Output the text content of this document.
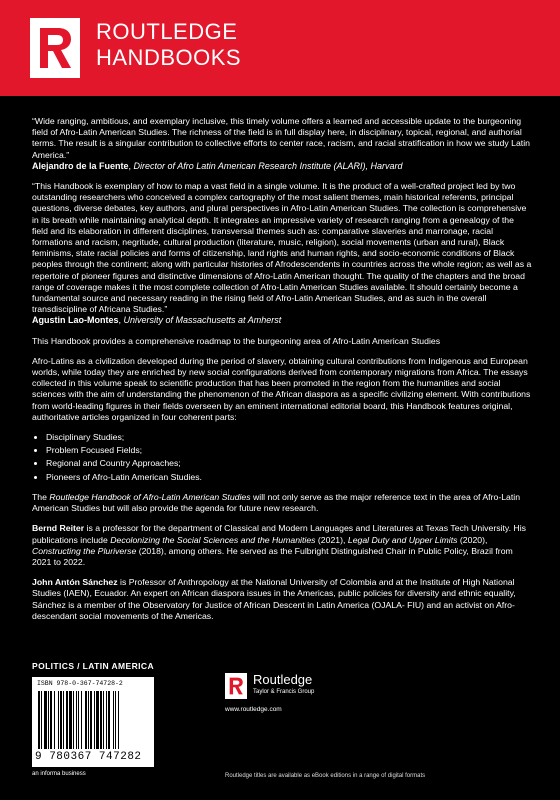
ROUTLEDGE
HANDBOOKS

“Wide ranging, ambitious, and exemplary inclusive, this timely volume offers a learned and accessible update to the burgeoning field of Afro-Latin American Studies. The richness of the field is in full display here, in disciplinary, topical, regional, and authorial terms. The result is a singular contribution to collective efforts to center race, racism, and racial stratification in how we study Latin America.”
Alejandro de la Fuente, Director of Afro Latin American Research Institute (ALARI), Harvard

“This Handbook is exemplary of how to map a vast field in a single volume. It is the product of a well-crafted project led by two outstanding researchers who conceived a complex cartography of the most salient themes, main historical referents, principal questions, diverse debates, key authors, and plural perspectives in Afro-Latin American Studies. The collection is comprehensive in its breath while maintaining analytical depth. It integrates an impressive variety of research ranging from a genealogy of the field and its elaboration in different disciplines, transversal themes such as: comparative slaveries and marronage, racial formations and racism, negritude, cultural production (literature, music, religion), social movements (urban and rural), Black feminisms, state racial policies and forms of citizenship, land rights and human rights, and socio-economic conditions of Black peoples through the continent; along with particular histories of Afrodescendents in countries across the whole region; as well as a repertoire of pioneer figures and distinctive dimensions of Afro-Latin American thought. The quality of the chapters and the broad range of coverage makes it the most complete collection of Afro-Latin American Studies available. It should certainly become a fundamental source and necessary reading in the rising field of Afro-Latin American Studies, and as such in the overall transdiscipline of Africana Studies.”
Agustin Lao-Montes, University of Massachusetts at Amherst

This Handbook provides a comprehensive roadmap to the burgeoning area of Afro-Latin American Studies

Afro-Latins as a civilization developed during the period of slavery, obtaining cultural contributions from Indigenous and European worlds, while today they are enriched by new social configurations derived from contemporary migrations from Africa. The essays collected in this volume speak to scientific production that has been promoted in the region from the humanities and social sciences with the aim of understanding the phenomenon of the African diaspora as a specific civilizing element. With contributions from world-leading figures in their fields overseen by an eminent international editorial board, this Handbook features original, authoritative articles organized in four coherent parts:

• Disciplinary Studies;
• Problem Focused Fields;
• Regional and Country Approaches;
• Pioneers of Afro-Latin American Studies.

The Routledge Handbook of Afro-Latin American Studies will not only serve as the major reference text in the area of Afro-Latin American Studies but will also provide the agenda for future new research.

Bernd Reiter is a professor for the department of Classical and Modern Languages and Literatures at Texas Tech University. His publications include Decolonizing the Social Sciences and the Humanities (2021), Legal Duty and Upper Limits (2020), Constructing the Pluriverse (2018), among others. He served as the Fulbright Distinguished Chair in Public Policy, Brazil from 2021 to 2022.

John Antón Sánchez is Professor of Anthropology at the National University of Colombia and at the Institute of High National Studies (IAEN), Ecuador. An expert on African diaspora issues in the Americas, public policies for diversity and ethnic equality, Sánchez is a member of the Observatory for Justice of African Descent in Latin America (OJALA- FIU) and an activist on Afro-descendant social movements of the Americas.

POLITICS / LATIN AMERICA
ISBN 978-0-367-74728-2
9 780367 747282
an informa business
Routledge
Taylor & Francis Group
www.routledge.com
Routledge titles are available as eBook editions in a range of digital formats
